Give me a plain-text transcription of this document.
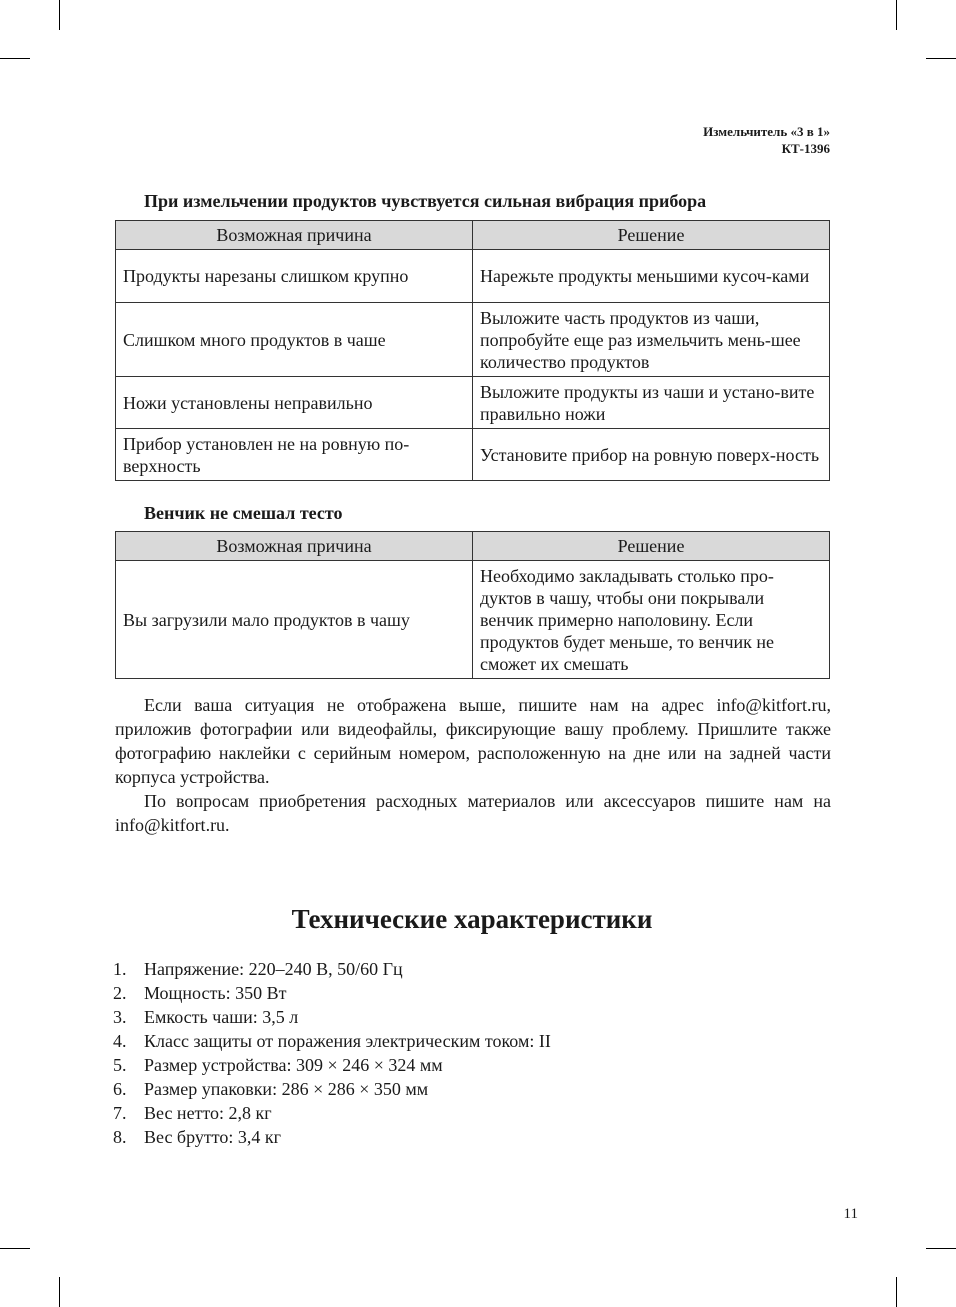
Измельчитель «3 в 1»
КТ-1396
При измельчении продуктов чувствуется сильная вибрация прибора
Возможная причина	Решение
Продукты нарезаны слишком крупно	Нарежьте продукты меньшими кусоч-ками
Слишком много продуктов в чаше	Выложите часть продуктов из чаши, попробуйте еще раз измельчить мень-шее количество продуктов
Ножи установлены неправильно	Выложите продукты из чаши и устано-вите правильно ножи
Прибор установлен не на ровную по-верхность	Установите прибор на ровную поверх-ность
Венчик не смешал тесто
Возможная причина	Решение
Вы загрузили мало продуктов в чашу	Необходимо закладывать столько про-дуктов в чашу, чтобы они покрывали венчик примерно наполовину. Если продуктов будет меньше, то венчик не сможет их смешать

Если ваша ситуация не отображена выше, пишите нам на адрес info@kitfort.ru, приложив фотографии или видеофайлы, фиксирующие вашу проблему. Пришлите также фотографию наклейки с серийным номером, расположенную на дне или на задней части корпуса устройства.

По вопросам приобретения расходных материалов или аксессуаров пишите нам на info@kitfort.ru.

Технические характеристики
1. Напряжение: 220–240 В, 50/60 Гц
2. Мощность: 350 Вт
3. Емкость чаши: 3,5 л
4. Класс защиты от поражения электрическим током: II
5. Размер устройства: 309 × 246 × 324 мм
6. Размер упаковки: 286 × 286 × 350 мм
7. Вес нетто: 2,8 кг
8. Вес брутто: 3,4 кг
11
